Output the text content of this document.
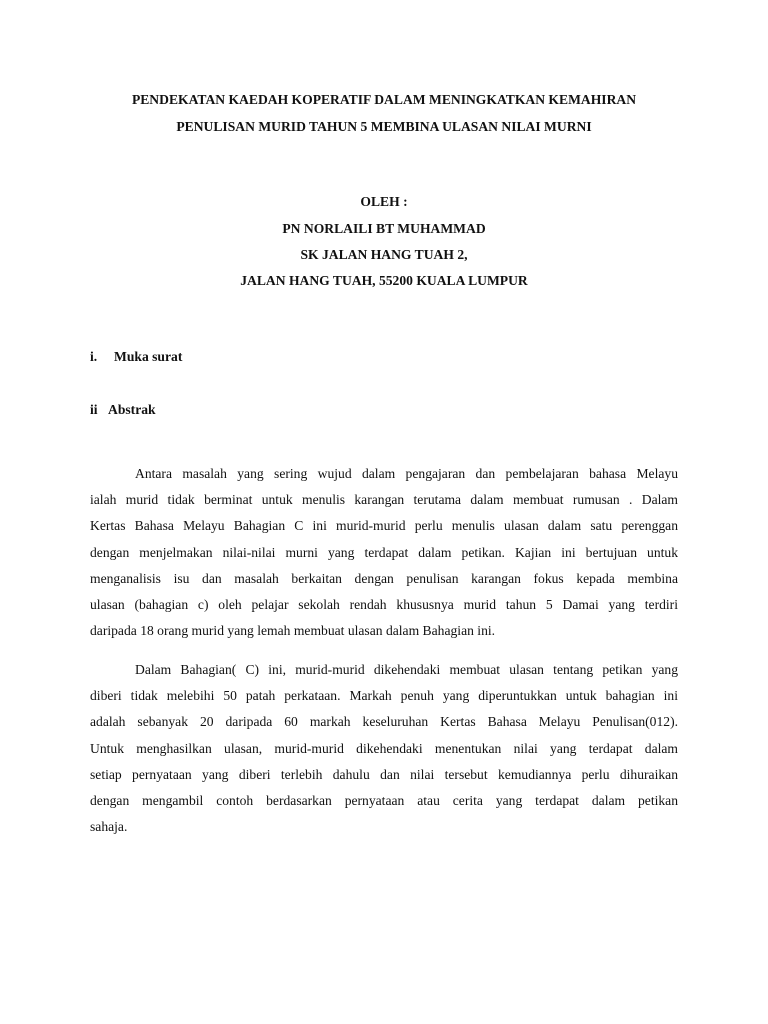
PENDEKATAN KAEDAH KOPERATIF DALAM MENINGKATKAN KEMAHIRAN

PENULISAN MURID TAHUN 5 MEMBINA ULASAN NILAI MURNI

OLEH :

PN NORLAILI BT MUHAMMAD

SK JALAN HANG TUAH 2,

JALAN HANG TUAH, 55200 KUALA LUMPUR

i. Muka surat

ii Abstrak

Antara masalah yang sering wujud dalam pengajaran dan pembelajaran bahasa Melayu
ialah murid tidak berminat untuk menulis karangan terutama dalam membuat rumusan . Dalam
Kertas Bahasa Melayu Bahagian C ini murid-murid perlu menulis ulasan dalam satu perenggan
dengan menjelmakan nilai-nilai murni yang terdapat dalam petikan. Kajian ini bertujuan untuk
menganalisis isu dan masalah berkaitan dengan penulisan karangan fokus kepada membina
ulasan (bahagian c) oleh pelajar sekolah rendah khususnya murid tahun 5 Damai yang terdiri
daripada 18 orang murid yang lemah membuat ulasan dalam Bahagian ini.
Dalam Bahagian( C) ini, murid-murid dikehendaki membuat ulasan tentang petikan yang
diberi tidak melebihi 50 patah perkataan. Markah penuh yang diperuntukkan untuk bahagian ini
adalah sebanyak 20 daripada 60 markah keseluruhan Kertas Bahasa Melayu Penulisan(012).
Untuk menghasilkan ulasan, murid-murid dikehendaki menentukan nilai yang terdapat dalam
setiap pernyataan yang diberi terlebih dahulu dan nilai tersebut kemudiannya perlu dihuraikan
dengan mengambil contoh berdasarkan pernyataan atau cerita yang terdapat dalam petikan
sahaja.
